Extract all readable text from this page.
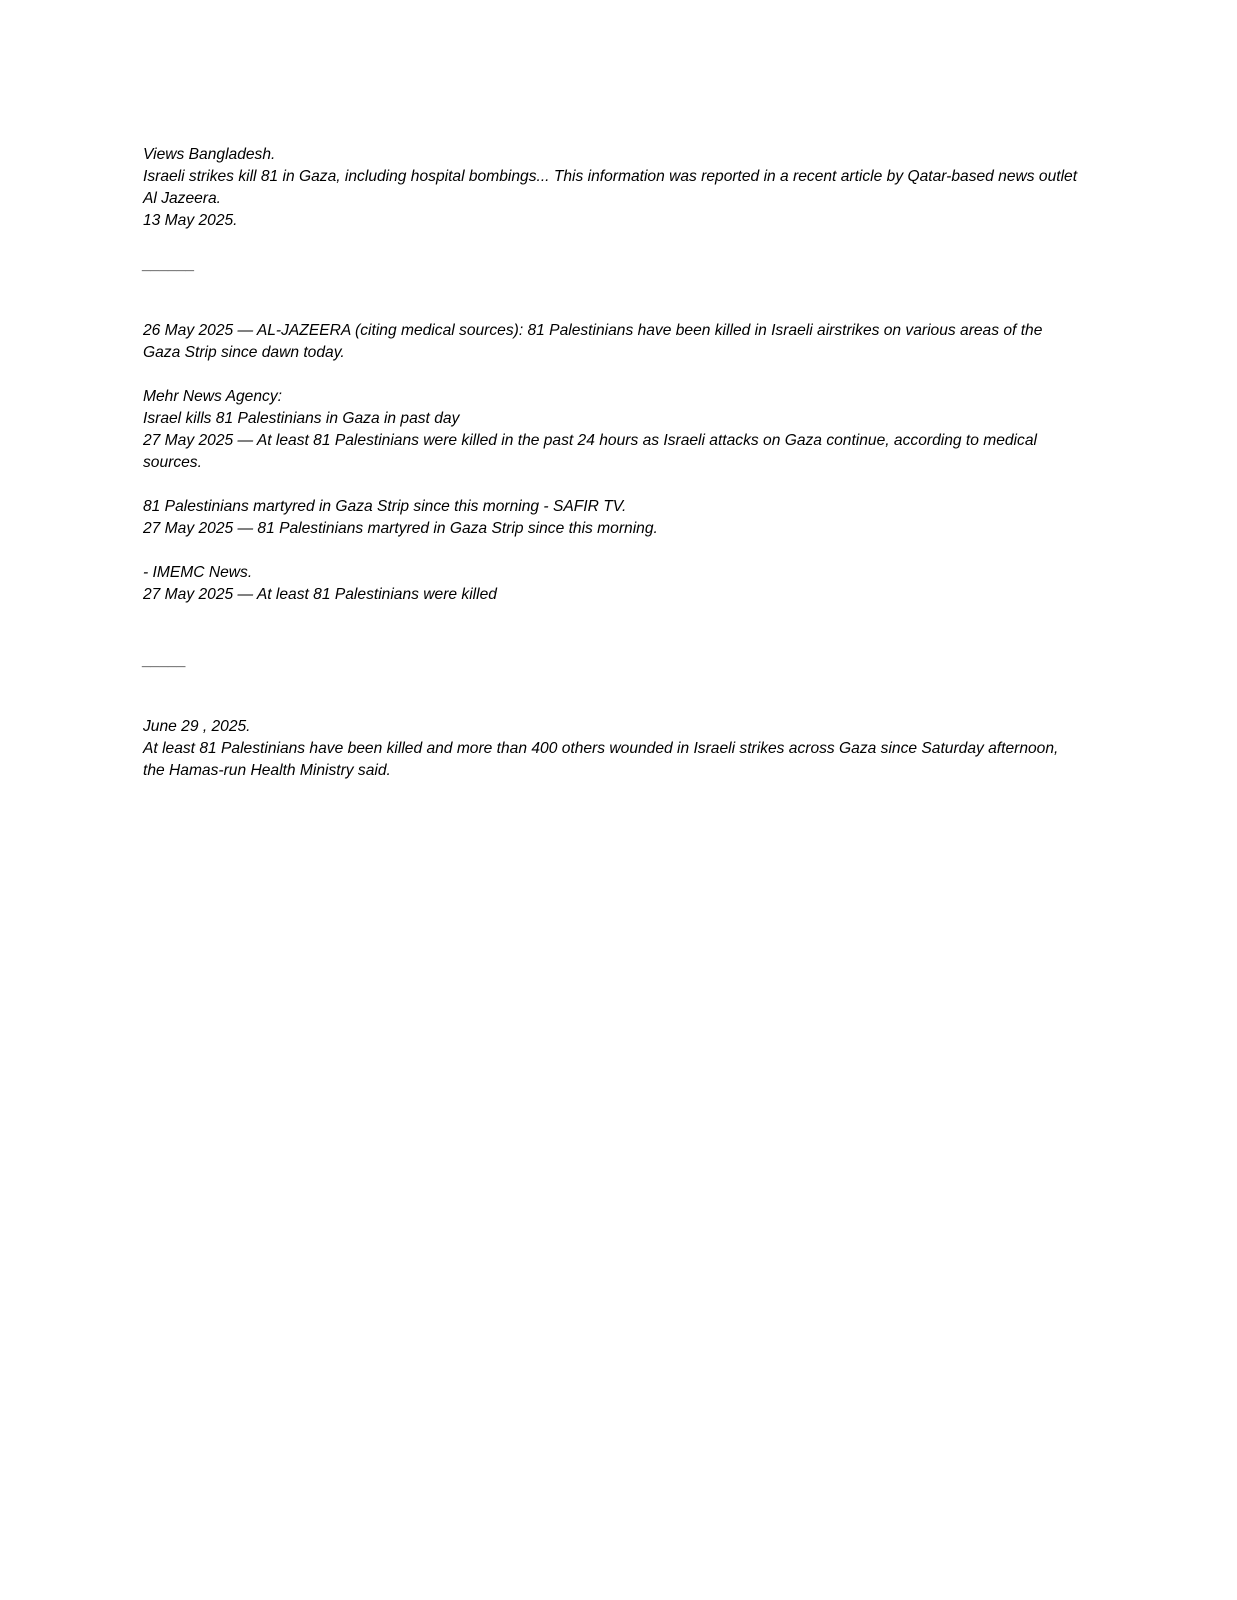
Views Bangladesh.
Israeli strikes kill 81 in Gaza, including hospital bombings... This information was reported in a recent article by Qatar-based news outlet Al Jazeera.
13 May 2025.
______
26 May 2025 — AL-JAZEERA (citing medical sources): 81 Palestinians have been killed in Israeli airstrikes on various areas of the Gaza Strip since dawn today.
Mehr News Agency:
Israel kills 81 Palestinians in Gaza in past day
27 May 2025 — At least 81 Palestinians were killed in the past 24 hours as Israeli attacks on Gaza continue, according to medical sources.
81 Palestinians martyred in Gaza Strip since this morning - SAFIR TV.
27 May 2025 — 81 Palestinians martyred in Gaza Strip since this morning.
- IMEMC News.
27 May 2025 — At least 81 Palestinians were killed
_____
June 29 , 2025.
At least 81 Palestinians have been killed and more than 400 others wounded in Israeli strikes across Gaza since Saturday afternoon, the Hamas-run Health Ministry said.
